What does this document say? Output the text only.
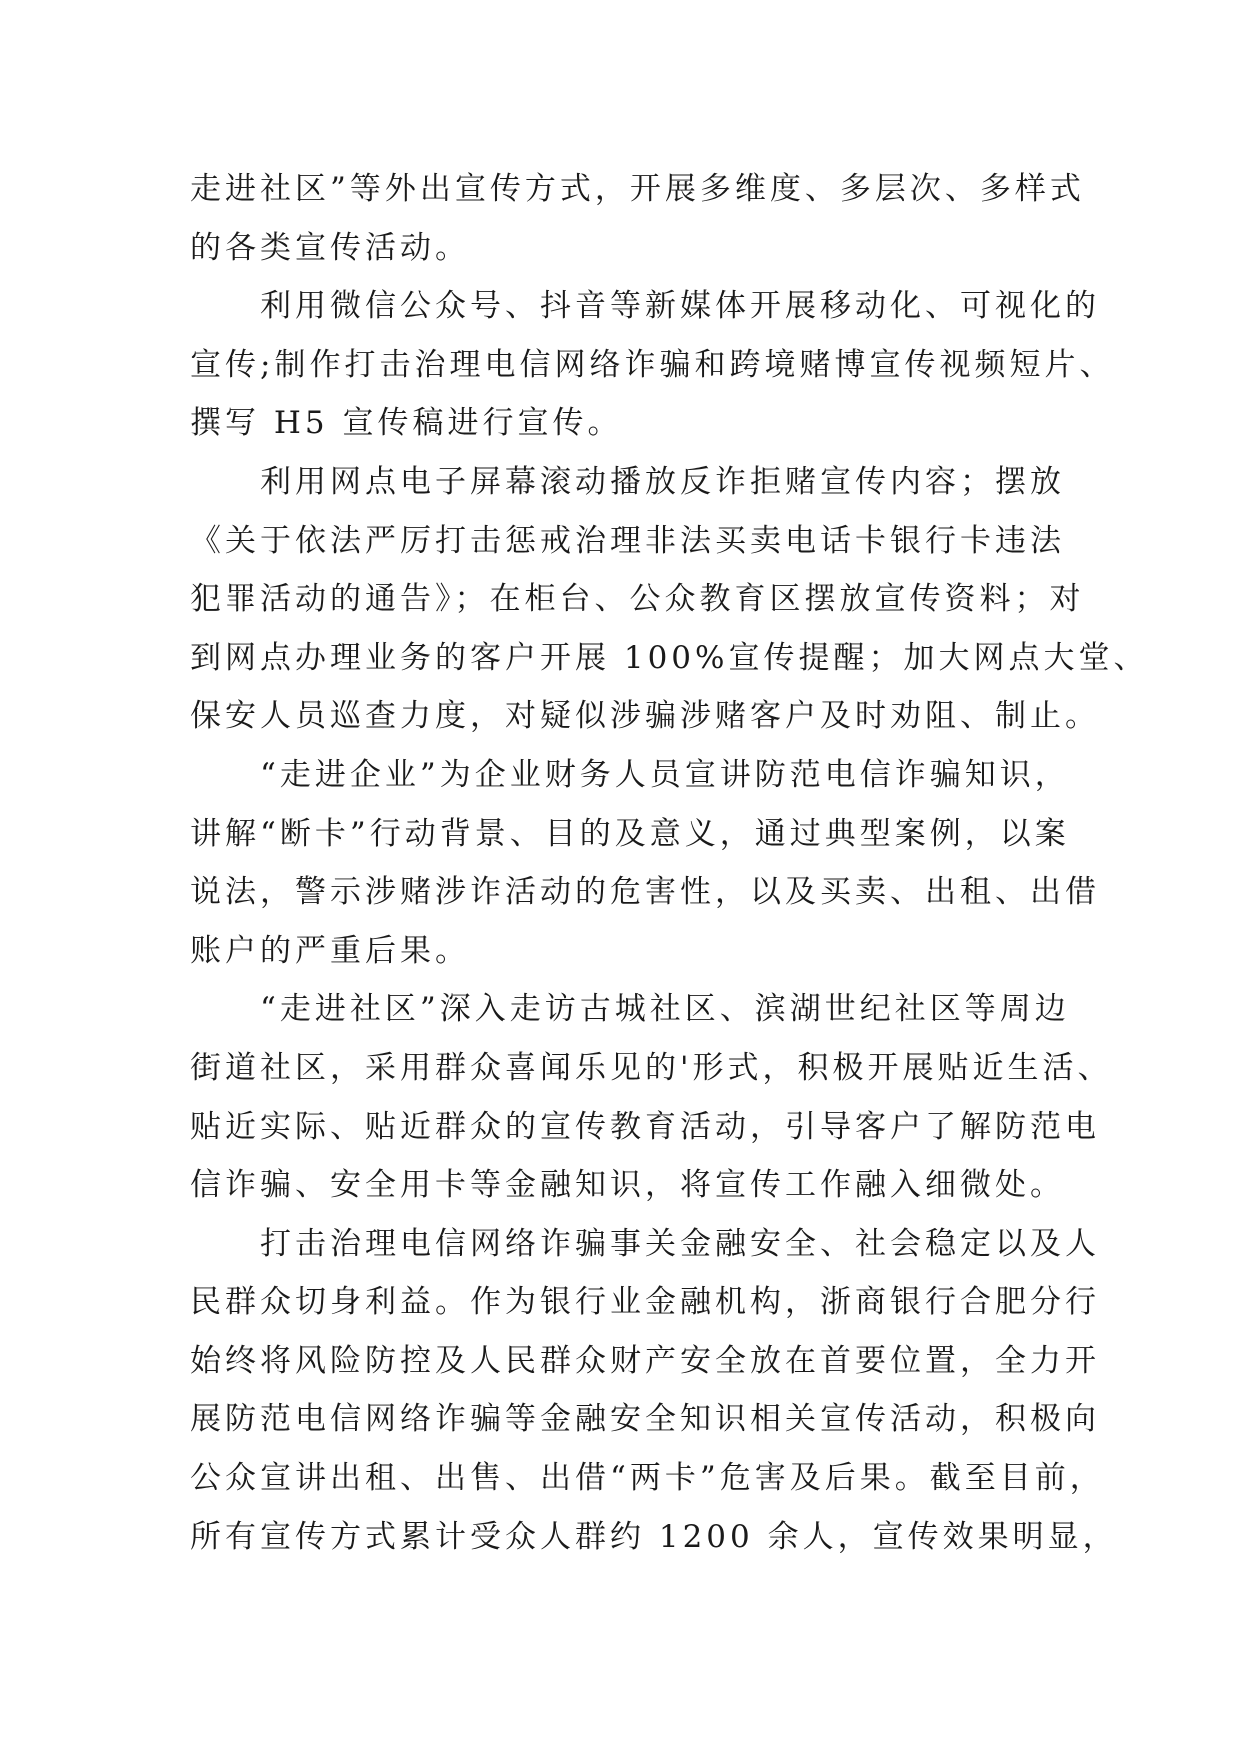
走进社区”等外出宣传方式，开展多维度、多层次、多样式
的各类宣传活动。
利用微信公众号、抖音等新媒体开展移动化、可视化的
宣传;制作打击治理电信网络诈骗和跨境赌博宣传视频短片、
撰写 H5 宣传稿进行宣传。
利用网点电子屏幕滚动播放反诈拒赌宣传内容；摆放
《关于依法严厉打击惩戒治理非法买卖电话卡银行卡违法
犯罪活动的通告》；在柜台、公众教育区摆放宣传资料；对
到网点办理业务的客户开展 100%宣传提醒；加大网点大堂、
保安人员巡查力度，对疑似涉骗涉赌客户及时劝阻、制止。
“走进企业”为企业财务人员宣讲防范电信诈骗知识，
讲解“断卡”行动背景、目的及意义，通过典型案例，以案
说法，警示涉赌涉诈活动的危害性，以及买卖、出租、出借
账户的严重后果。
“走进社区”深入走访古城社区、滨湖世纪社区等周边
街道社区，采用群众喜闻乐见的'形式，积极开展贴近生活、
贴近实际、贴近群众的宣传教育活动，引导客户了解防范电
信诈骗、安全用卡等金融知识，将宣传工作融入细微处。
打击治理电信网络诈骗事关金融安全、社会稳定以及人
民群众切身利益。作为银行业金融机构，浙商银行合肥分行
始终将风险防控及人民群众财产安全放在首要位置，全力开
展防范电信网络诈骗等金融安全知识相关宣传活动，积极向
公众宣讲出租、出售、出借“两卡”危害及后果。截至目前，
所有宣传方式累计受众人群约 1200 余人，宣传效果明显，
